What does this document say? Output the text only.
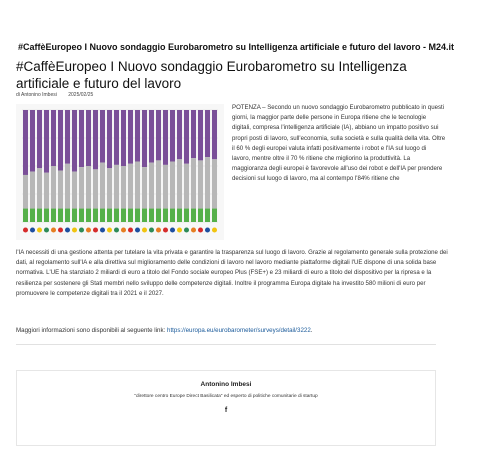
#CaffèEuropeo I Nuovo sondaggio Eurobarometro su Intelligenza artificiale e futuro del lavoro - M24.it
#CaffèEuropeo I Nuovo sondaggio Eurobarometro su Intelligenza artificiale e futuro del lavoro
di Antonino Imbesi 2025/02/25
POTENZA – Secondo un nuovo sondaggio Eurobarometro pubblicato in questi giorni, la maggior parte delle persone in Europa ritiene che le tecnologie digitali, compresa l'intelligenza artificiale (IA), abbiano un impatto positivo sui propri posti di lavoro, sull'economia, sulla società e sulla qualità della vita. Oltre il 60 % degli europei valuta infatti positivamente i robot e l'IA sul luogo di lavoro, mentre oltre il 70 % ritiene che migliorino la produttività. La maggioranza degli europei è favorevole all'uso dei robot e dell'IA per prendere decisioni sul luogo di lavoro, ma al contempo l'84% ritiene che
l'IA necessiti di una gestione attenta per tutelare la vita privata e garantire la trasparenza sul luogo di lavoro. Grazie al regolamento generale sulla protezione dei dati, al regolamento sull'IA e alla direttiva sul miglioramento delle condizioni di lavoro nel lavoro mediante piattaforme digitali l'UE dispone di una solida base normativa. L'UE ha stanziato 2 miliardi di euro a titolo del Fondo sociale europeo Plus (FSE+) e 23 miliardi di euro a titolo del dispositivo per la ripresa e la resilienza per sostenere gli Stati membri nello sviluppo delle competenze digitali. Inoltre il programma Europa digitale ha investito 580 milioni di euro per promuovere le competenze digitali tra il 2021 e il 2027.
Maggiori informazioni sono disponibili al seguente link: https://europa.eu/eurobarometer/surveys/detail/3222.
Antonino Imbesi
"direttore centro Europe Direct Basilicata" ed esperto di politiche comunitarie di startup
f
